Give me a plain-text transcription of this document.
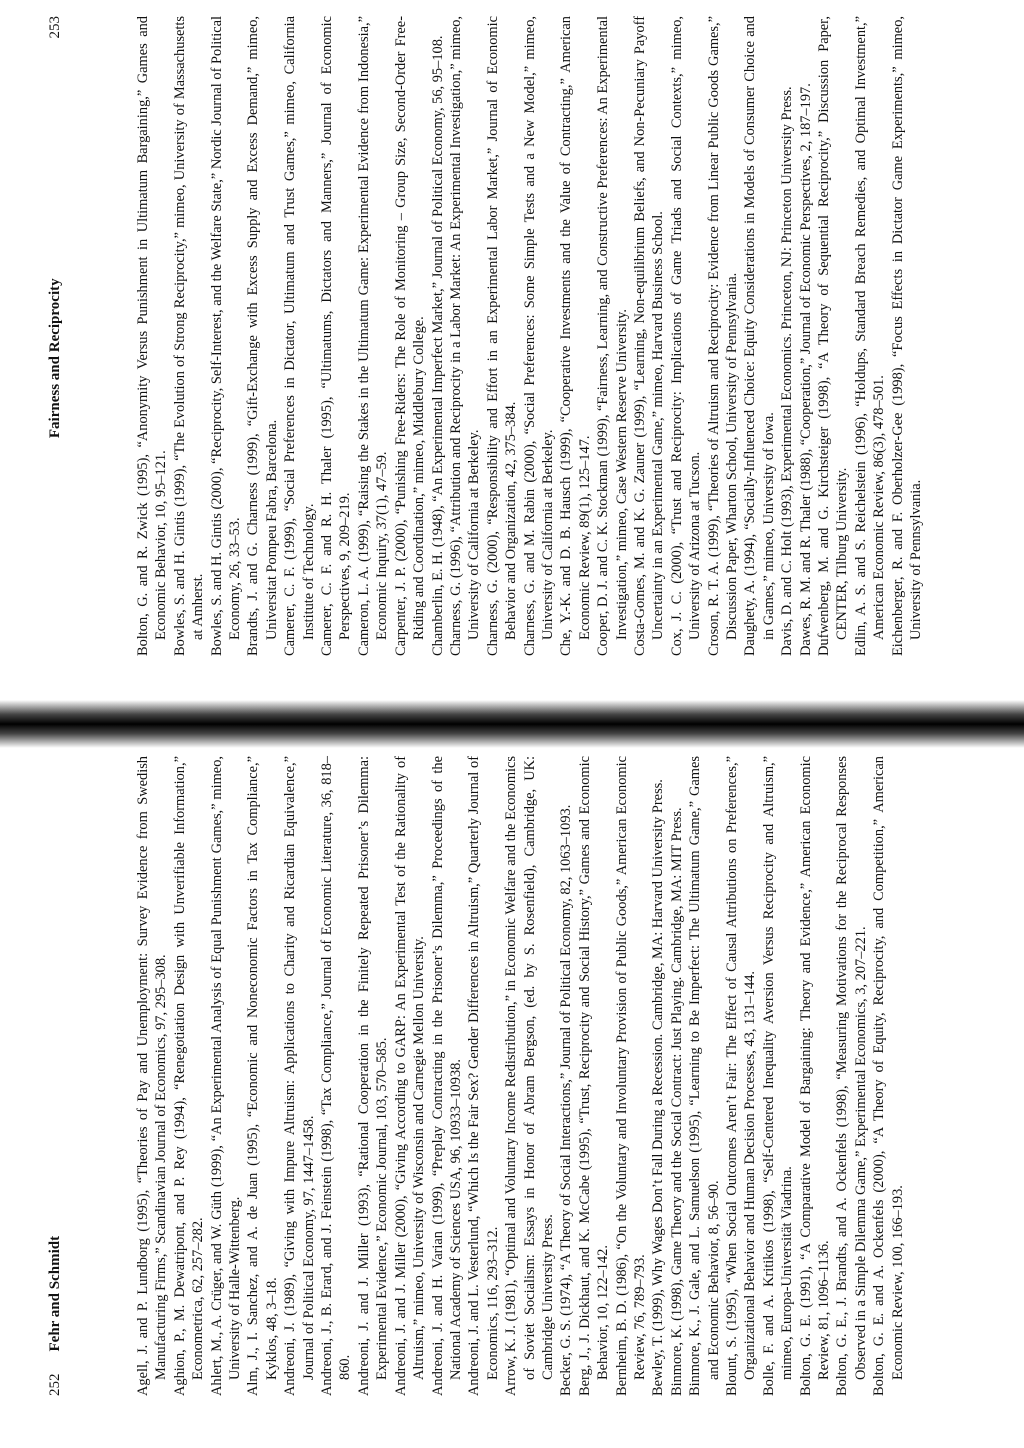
252
Fehr and Schmidt	Agell, J. and P. Lundborg (1995), “Theories of Pay and Unemployment: Survey Evidence from Swedish Manufacturing Firms,” Scandinavian Journal of Economics, 97, 295–308. Aghion, P., M. Dewatripont, and P. Rey (1994), “Renegotiation Design with Unverifiable Information,” Econometrica, 62, 257–282. Ahlert, M., A. Crüger, and W. Güth (1999), “An Experimental Analysis of Equal Punishment Games,” mimeo, University of Halle-Wittenberg. Alm, J., I. Sanchez, and A. de Juan (1995), “Economic and Noneconomic Factors in Tax Compliance,” Kyklos, 48, 3–18. Andreoni, J. (1989), “Giving with Impure Altruism: Applications to Charity and Ricardian Equivalence,” Journal of Political Economy, 97, 1447–1458. Andreoni, J., B. Erard, and J. Feinstein (1998), “Tax Compliance,” Journal of Economic Literature, 36, 818–860. Andreoni, J. and J. Miller (1993), “Rational Cooperation in the Finitely Repeated Prisoner’s Dilemma: Experimental Evidence,” Economic Journal, 103, 570–585. Andreoni, J. and J. Miller (2000), “Giving According to GARP: An Experimental Test of the Rationality of Altruism,” mimeo, University of Wisconsin and Carnegie Mellon University. Andreoni, J. and H. Varian (1999), “Preplay Contracting in the Prisoner’s Dilemma,” Proceedings of the National Academy of Sciences USA, 96, 10933–10938. Andreoni, J. and L. Vesterlund, “Which Is the Fair Sex? Gender Differences in Altruism,” Quarterly Journal of Economics, 116, 293–312. Arrow, K. J. (1981), “Optimal and Voluntary Income Redistribution,” in Economic Welfare and the Economics of Soviet Socialism: Essays in Honor of Abram Bergson, (ed. by S. Rosenfield), Cambridge, UK: Cambridge University Press. Becker, G. S. (1974), “A Theory of Social Interactions,” Journal of Political Economy, 82, 1063–1093. Berg, J., J. Dickhaut, and K. McCabe (1995), “Trust, Reciprocity and Social History,” Games and Economic Behavior, 10, 122–142. Bernheim, B. D. (1986), “On the Voluntary and Involuntary Provision of Public Goods,” American Economic Review, 76, 789–793. Bewley, T. (1999), Why Wages Don’t Fall During a Recession. Cambridge, MA: Harvard University Press. Binmore, K. (1998), Game Theory and the Social Contract: Just Playing. Cambridge, MA: MIT Press. Binmore, K., J. Gale, and L. Samuelson (1995), “Learning to Be Imperfect: The Ultimatum Game,” Games and Economic Behavior, 8, 56–90. Blount, S. (1995), “When Social Outcomes Aren’t Fair: The Effect of Causal Attributions on Preferences,” Organizational Behavior and Human Decision Processes, 43, 131–144. Bolle, F. and A. Kritikos (1998), “Self-Centered Inequality Aversion Versus Reciprocity and Altruism,” mimeo, Europa-Universität Viadrina. Bolton, G. E. (1991), “A Comparative Model of Bargaining: Theory and Evidence,” American Economic Review, 81, 1096–1136. Bolton, G. E., J. Brandts, and A. Ockenfels (1998), “Measuring Motivations for the Reciprocal Responses Observed in a Simple Dilemma Game,” Experimental Economics, 3, 207–221. Bolton, G. E. and A. Ockenfels (2000), “A Theory of Equity, Reciprocity, and Competition,” American Economic Review, 100, 166–193.
Fairness and Reciprocity
253	Bolton, G. and R. Zwick (1995), “Anonymity Versus Punishment in Ultimatum Bargaining,” Games and Economic Behavior, 10, 95–121. Bowles, S. and H. Gintis (1999), “The Evolution of Strong Reciprocity,” mimeo, University of Massachusetts at Amherst. Bowles, S. and H. Gintis (2000), “Reciprocity, Self-Interest, and the Welfare State,” Nordic Journal of Political Economy, 26, 33–53. Brandts, J. and G. Charness (1999), “Gift-Exchange with Excess Supply and Excess Demand,” mimeo, Universitat Pompeu Fabra, Barcelona. Camerer, C. F. (1999), “Social Preferences in Dictator, Ultimatum and Trust Games,” mimeo, California Institute of Technology. Camerer, C. F. and R. H. Thaler (1995), “Ultimatums, Dictators and Manners,” Journal of Economic Perspectives, 9, 209–219. Cameron, L. A. (1999), “Raising the Stakes in the Ultimatum Game: Experimental Evidence from Indonesia,” Economic Inquiry, 37(1), 47–59. Carpenter, J. P. (2000), “Punishing Free-Riders: The Role of Monitoring – Group Size, Second-Order Free-Riding and Coordination,” mimeo, Middlebury College. Chamberlin, E. H. (1948), “An Experimental Imperfect Market,” Journal of Political Economy, 56, 95–108. Charness, G. (1996), “Attribution and Reciprocity in a Labor Market: An Experimental Investigation,” mimeo, University of California at Berkeley. Charness, G. (2000), “Responsibility and Effort in an Experimental Labor Market,” Journal of Economic Behavior and Organization, 42, 375–384. Charness, G. and M. Rabin (2000), “Social Preferences: Some Simple Tests and a New Model,” mimeo, University of California at Berkeley. Che, Y.-K. and D. B. Hausch (1999), “Cooperative Investments and the Value of Contracting,” American Economic Review, 89(1), 125–147. Cooper, D. J. and C. K. Stockman (1999), “Fairness, Learning, and Constructive Preferences: An Experimental Investigation,” mimeo, Case Western Reserve University. Costa-Gomes, M. and K. G. Zauner (1999), “Learning, Non-equilibrium Beliefs, and Non-Pecuniary Payoff Uncertainty in an Experimental Game,” mimeo, Harvard Business School. Cox, J. C. (2000), “Trust and Reciprocity: Implications of Game Triads and Social Contexts,” mimeo, University of Arizona at Tucson. Croson, R. T. A. (1999), “Theories of Altruism and Reciprocity: Evidence from Linear Public Goods Games,” Discussion Paper, Wharton School, University of Pennsylvania. Daughety, A. (1994), “Socially-Influenced Choice: Equity Considerations in Models of Consumer Choice and in Games,” mimeo, University of Iowa. Davis, D. and C. Holt (1993), Experimental Economics. Princeton, NJ: Princeton University Press. Dawes, R. M. and R. Thaler (1988), “Cooperation,” Journal of Economic Perspectives, 2, 187–197. Dufwenberg, M. and G. Kirchsteiger (1998), “A Theory of Sequential Reciprocity,” Discussion Paper, CENTER, Tilburg University. Edlin, A. S. and S. Reichelstein (1996), “Holdups, Standard Breach Remedies, and Optimal Investment,” American Economic Review, 86(3), 478–501. Eichenberger, R. and F. Oberholzer-Gee (1998), “Focus Effects in Dictator Game Experiments,” mimeo, University of Pennsylvania.
